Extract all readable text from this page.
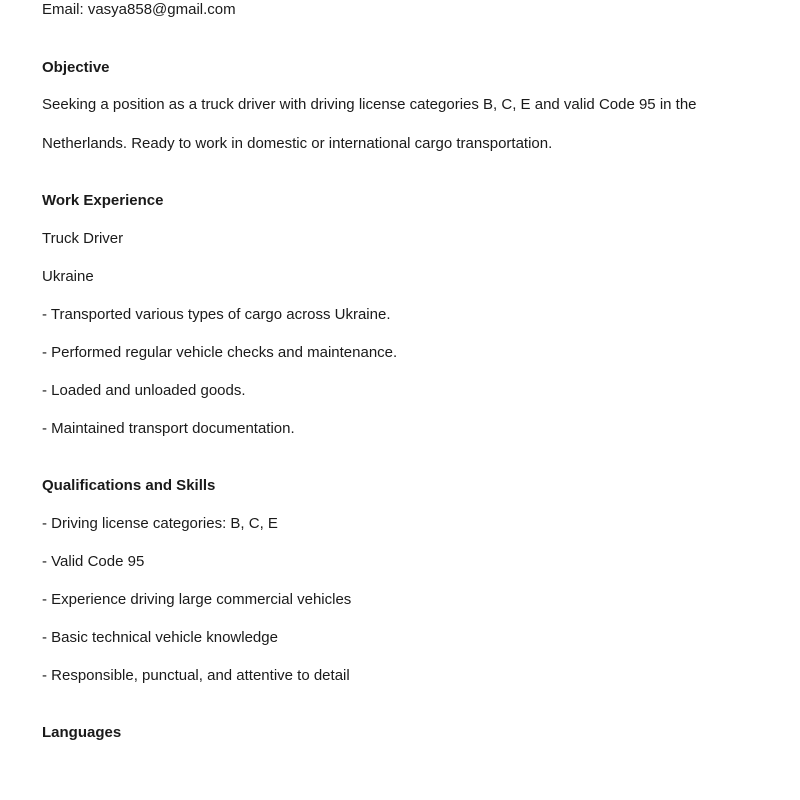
Email: vasya858@gmail.com

Objective

Seeking a position as a truck driver with driving license categories B, C, E and valid Code 95 in the

Netherlands. Ready to work in domestic or international cargo transportation.

Work Experience

Truck Driver

Ukraine

- Transported various types of cargo across Ukraine.

- Performed regular vehicle checks and maintenance.

- Loaded and unloaded goods.

- Maintained transport documentation.

Qualifications and Skills

- Driving license categories: B, C, E

- Valid Code 95

- Experience driving large commercial vehicles

- Basic technical vehicle knowledge

- Responsible, punctual, and attentive to detail

Languages
